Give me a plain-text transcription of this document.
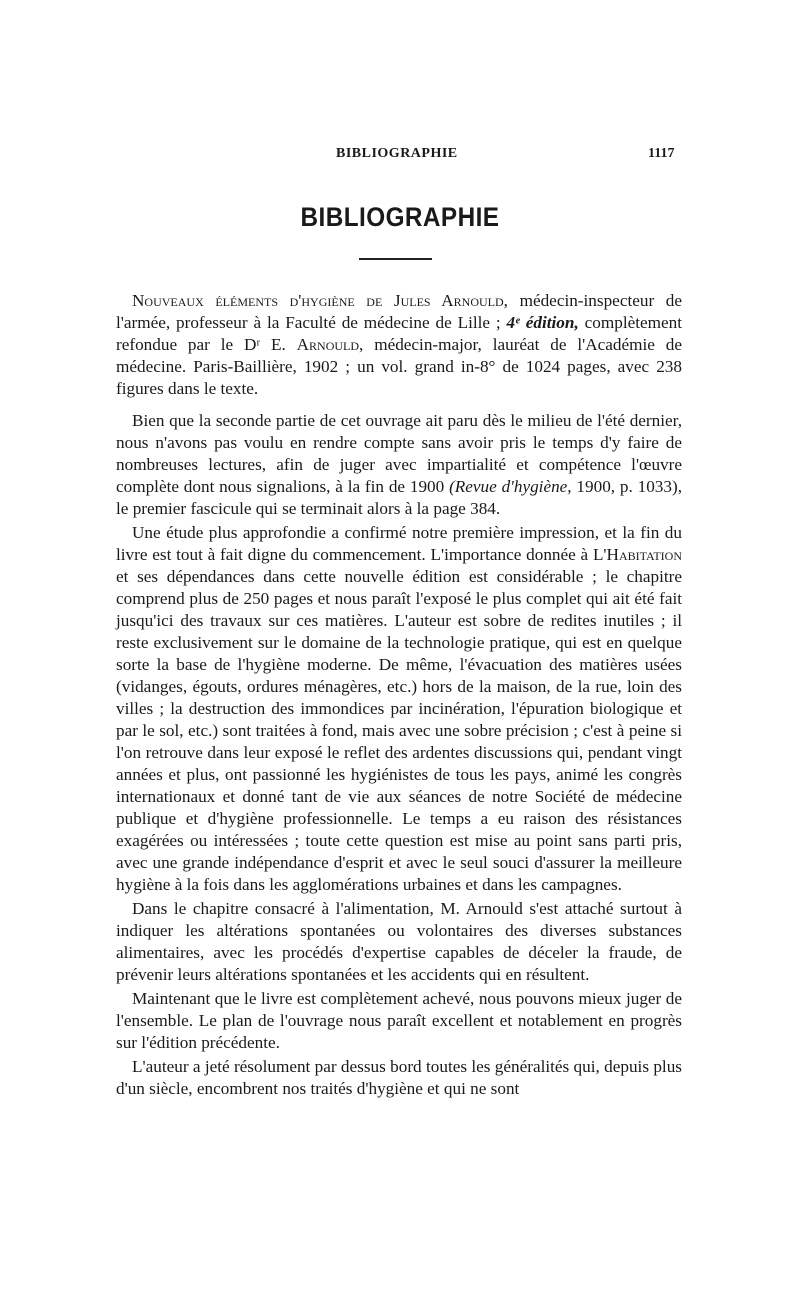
BIBLIOGRAPHIE	1117
BIBLIOGRAPHIE

Nouveaux éléments d'hygiène de Jules Arnould, médecin-inspecteur de l'armée, professeur à la Faculté de médecine de Lille ; 4ᵉ édition, complètement refondue par le Dʳ E. Arnould, médecin-major, lauréat de l'Académie de médecine. Paris-Baillière, 1902 ; un vol. grand in-8° de 1024 pages, avec 238 figures dans le texte.

Bien que la seconde partie de cet ouvrage ait paru dès le milieu de l'été dernier, nous n'avons pas voulu en rendre compte sans avoir pris le temps d'y faire de nombreuses lectures, afin de juger avec impartialité et compétence l'œuvre complète dont nous signalions, à la fin de 1900 (Revue d'hygiène, 1900, p. 1033), le premier fascicule qui se terminait alors à la page 384.

Une étude plus approfondie a confirmé notre première impression, et la fin du livre est tout à fait digne du commencement. L'importance donnée à L'Habitation et ses dépendances dans cette nouvelle édition est considérable ; le chapitre comprend plus de 250 pages et nous paraît l'exposé le plus complet qui ait été fait jusqu'ici des travaux sur ces matières. L'auteur est sobre de redites inutiles ; il reste exclusivement sur le domaine de la technologie pratique, qui est en quelque sorte la base de l'hygiène moderne. De même, l'évacuation des matières usées (vidanges, égouts, ordures ménagères, etc.) hors de la maison, de la rue, loin des villes ; la destruction des immondices par incinération, l'épuration biologique et par le sol, etc.) sont traitées à fond, mais avec une sobre précision ; c'est à peine si l'on retrouve dans leur exposé le reflet des ardentes discussions qui, pendant vingt années et plus, ont passionné les hygiénistes de tous les pays, animé les congrès internationaux et donné tant de vie aux séances de notre Société de médecine publique et d'hygiène professionnelle. Le temps a eu raison des résistances exagérées ou intéressées ; toute cette question est mise au point sans parti pris, avec une grande indépendance d'esprit et avec le seul souci d'assurer la meilleure hygiène à la fois dans les agglomérations urbaines et dans les campagnes.

Dans le chapitre consacré à l'alimentation, M. Arnould s'est attaché surtout à indiquer les altérations spontanées ou volontaires des diverses substances alimentaires, avec les procédés d'expertise capables de déceler la fraude, de prévenir leurs altérations spontanées et les accidents qui en résultent.

Maintenant que le livre est complètement achevé, nous pouvons mieux juger de l'ensemble. Le plan de l'ouvrage nous paraît excellent et notablement en progrès sur l'édition précédente.

L'auteur a jeté résolument par dessus bord toutes les généralités qui, depuis plus d'un siècle, encombrent nos traités d'hygiène et qui ne sont
